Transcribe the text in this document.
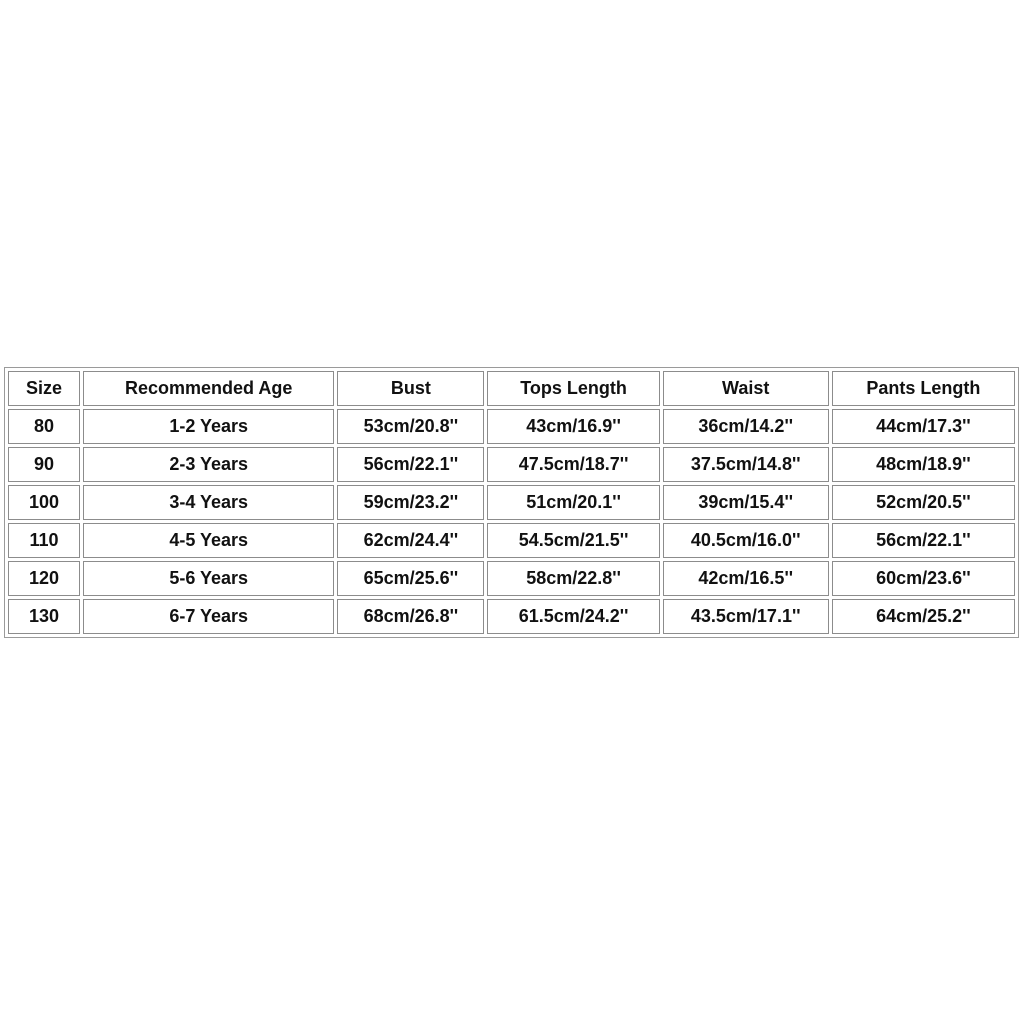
Size	Recommended Age	Bust	Tops Length	Waist	Pants Length
80	1-2 Years	53cm/20.8''	43cm/16.9''	36cm/14.2''	44cm/17.3''
90	2-3 Years	56cm/22.1''	47.5cm/18.7''	37.5cm/14.8''	48cm/18.9''
100	3-4 Years	59cm/23.2''	51cm/20.1''	39cm/15.4''	52cm/20.5''
110	4-5 Years	62cm/24.4''	54.5cm/21.5''	40.5cm/16.0''	56cm/22.1''
120	5-6 Years	65cm/25.6''	58cm/22.8''	42cm/16.5''	60cm/23.6''
130	6-7 Years	68cm/26.8''	61.5cm/24.2''	43.5cm/17.1''	64cm/25.2''
